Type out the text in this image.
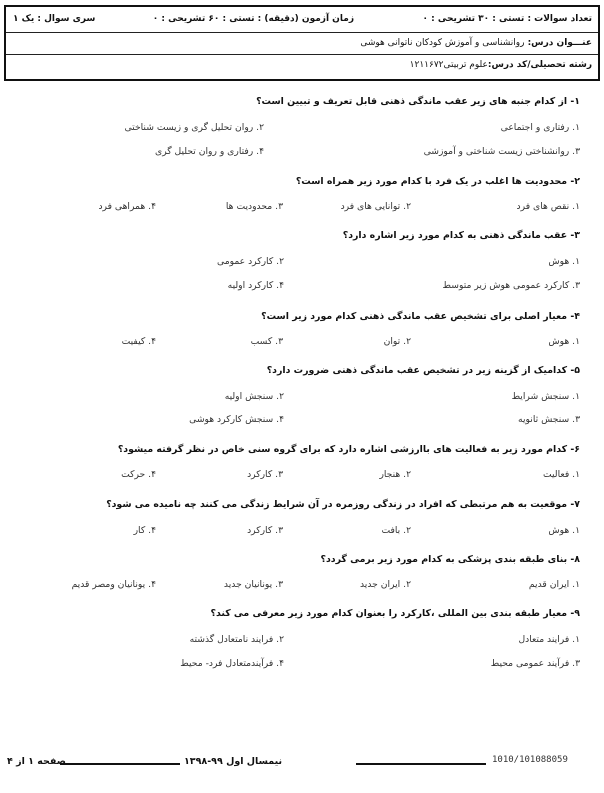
تعداد سوالات : تستی : ۳۰ تشریحی : ۰
زمان آزمون (دقیقه) : تستی : ۶۰ تشریحی : ۰
سری سوال : یک ۱
عنـــوان درس: روانشناسی و آموزش کودکان ناتوانی هوشی
رشته تحصیلی/کد درس:علوم تربیتی۱۲۱۱۶۷۲
۱- از کدام جنبه های زیر عقب ماندگی ذهنی قابل تعریف و تبیین است؟
۱. رفتاری و اجتماعی
۲. روان تحلیل گری و زیست شناختی
۳. روانشناختی زیست شناختی و آموزشی
۴. رفتاری و روان تحلیل گری
۲- محدودیت ها اغلب در یک فرد با کدام مورد زیر همراه است؟
۱. نقص های فرد
۲. توانایی های فرد
۳. محدودیت ها
۴. همراهی فرد
۳- عقب ماندگی ذهنی به کدام مورد زیر اشاره دارد؟
۱. هوش
۲. کارکرد عمومی
۳. کارکرد عمومی هوش زیر متوسط
۴. کارکرد اولیه
۴- معیار اصلی برای تشخیص عقب ماندگی ذهنی کدام مورد زیر است؟
۱. هوش
۲. توان
۳. کسب
۴. کیفیت
۵- کدامیک از گزینه زیر در تشخیص عقب ماندگی ذهنی ضرورت دارد؟
۱. سنجش شرایط
۲. سنجش اولیه
۳. سنجش ثانویه
۴. سنجش کارکرد هوشی
۶- کدام مورد زیر به فعالیت های باارزشی اشاره دارد که برای گروه سنی خاص در نظر گرفته میشود؟
۱. فعالیت
۲. هنجار
۳. کارکرد
۴. حرکت
۷- موقعیت به هم مرتبطی که افراد در زندگی روزمره در آن شرایط زندگی می کنند چه نامیده می شود؟
۱. هوش
۲. بافت
۳. کارکرد
۴. کار
۸- بنای طبقه بندی پزشکی به کدام مورد زیر برمی گردد؟
۱. ایران قدیم
۲. ایران جدید
۳. یونانیان جدید
۴. یونانیان ومصر قدیم
۹- معیار طبقه بندی بین المللی ،کارکرد را بعنوان کدام مورد زیر معرفی می کند؟
۱. فرایند متعادل
۲. فرایند نامتعادل گذشته
۳. فرآیند عمومی محیط
۴. فرآیندمتعادل فرد- محیط
صفحه ۱ از ۴	نیمسال اول ۹۹-۱۳۹۸	1010/101088059
